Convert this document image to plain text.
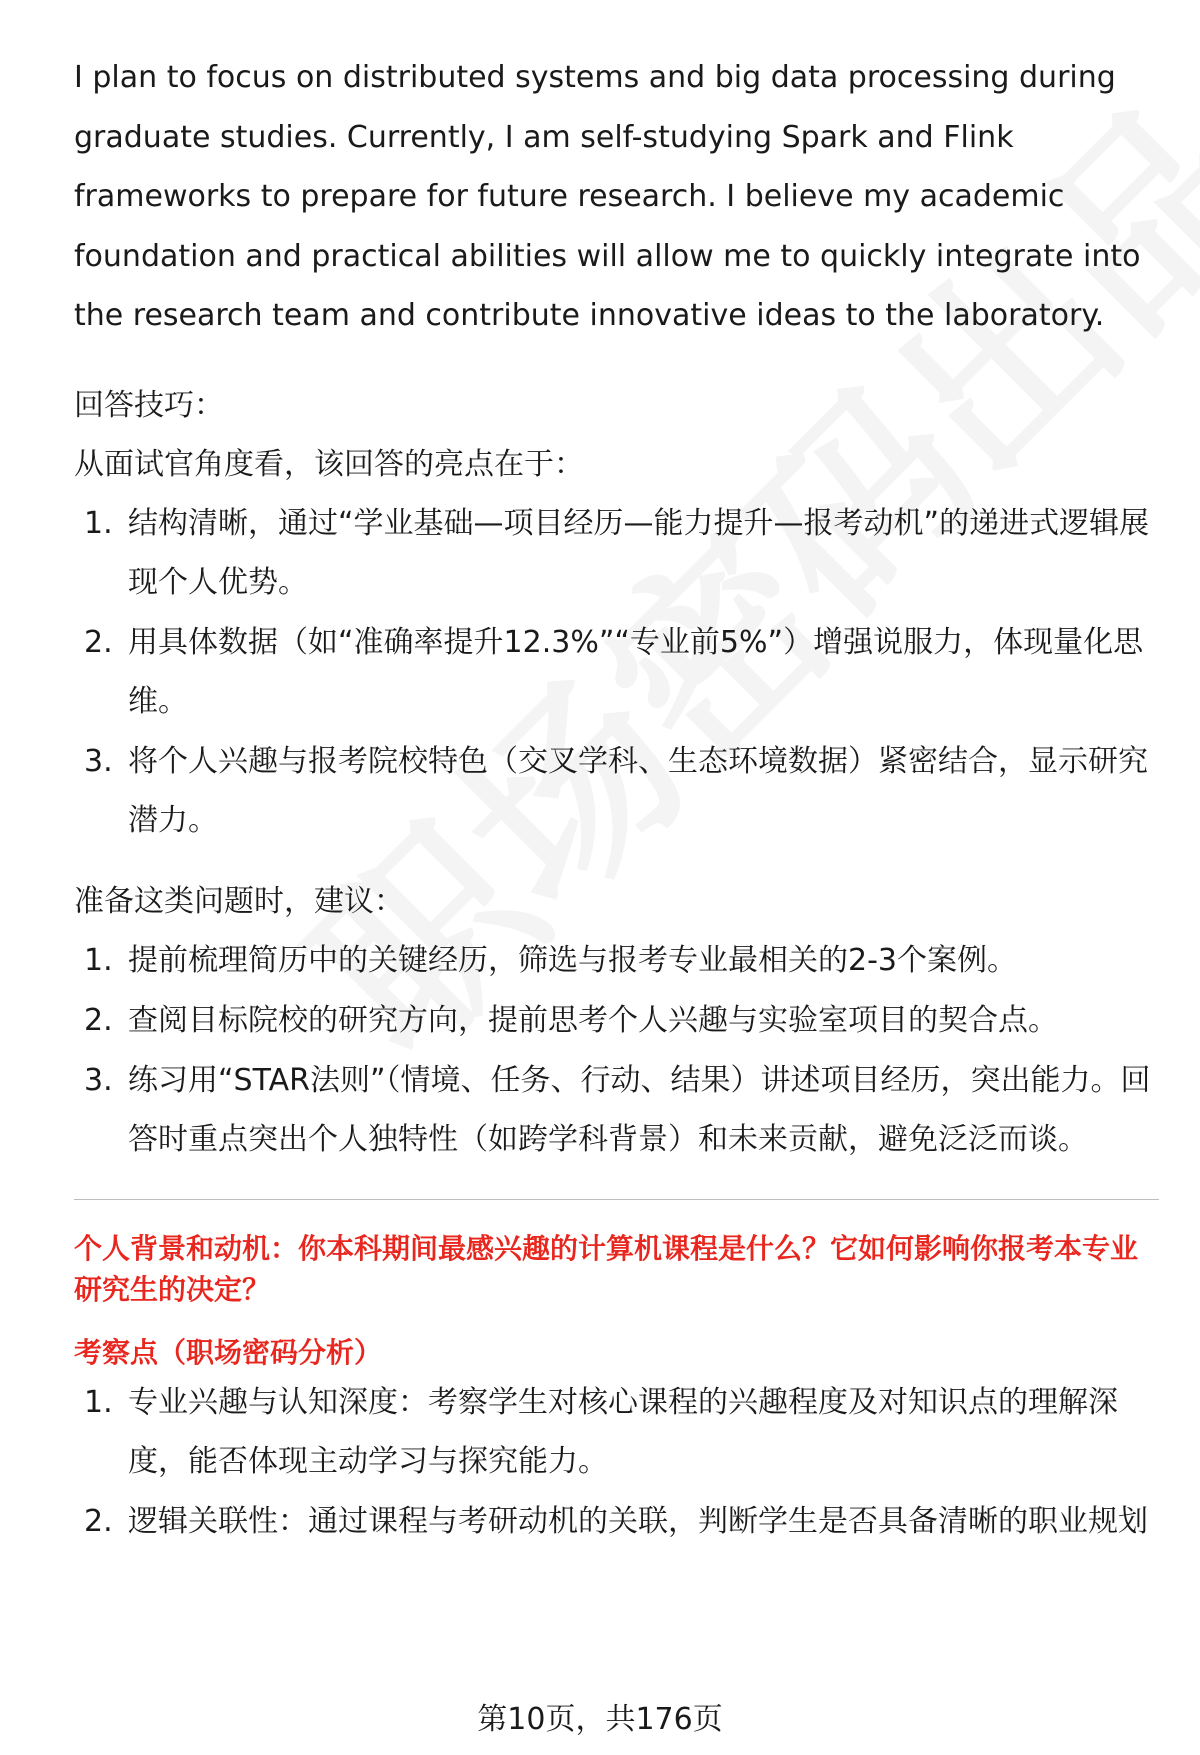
I plan to focus on distributed systems and big data processing during graduate studies. Currently, I am self-studying Spark and Flink frameworks to prepare for future research. I believe my academic foundation and practical abilities will allow me to quickly integrate into the research team and contribute innovative ideas to the laboratory.

回答技巧：

从面试官角度看，该回答的亮点在于：

1. 结构清晰，通过“学业基础—项目经历—能力提升—报考动机”的递进式逻辑展现个人优势。
2. 用具体数据（如“准确率提升12.3%”“专业前5%”）增强说服力，体现量化思维。
3. 将个人兴趣与报考院校特色（交叉学科、生态环境数据）紧密结合，显示研究潜力。

准备这类问题时，建议：

1. 提前梳理简历中的关键经历，筛选与报考专业最相关的2-3个案例。
2. 查阅目标院校的研究方向，提前思考个人兴趣与实验室项目的契合点。
3. 练习用“STAR法则”（情境、任务、行动、结果）讲述项目经历，突出能力。回答时重点突出个人独特性（如跨学科背景）和未来贡献，避免泛泛而谈。

个人背景和动机：你本科期间最感兴趣的计算机课程是什么？它如何影响你报考本专业研究生的决定？

考察点（职场密码分析）

1. 专业兴趣与认知深度：考察学生对核心课程的兴趣程度及对知识点的理解深度，能否体现主动学习与探究能力。
2. 逻辑关联性：通过课程与考研动机的关联，判断学生是否具备清晰的职业规划
第10页，共176页
